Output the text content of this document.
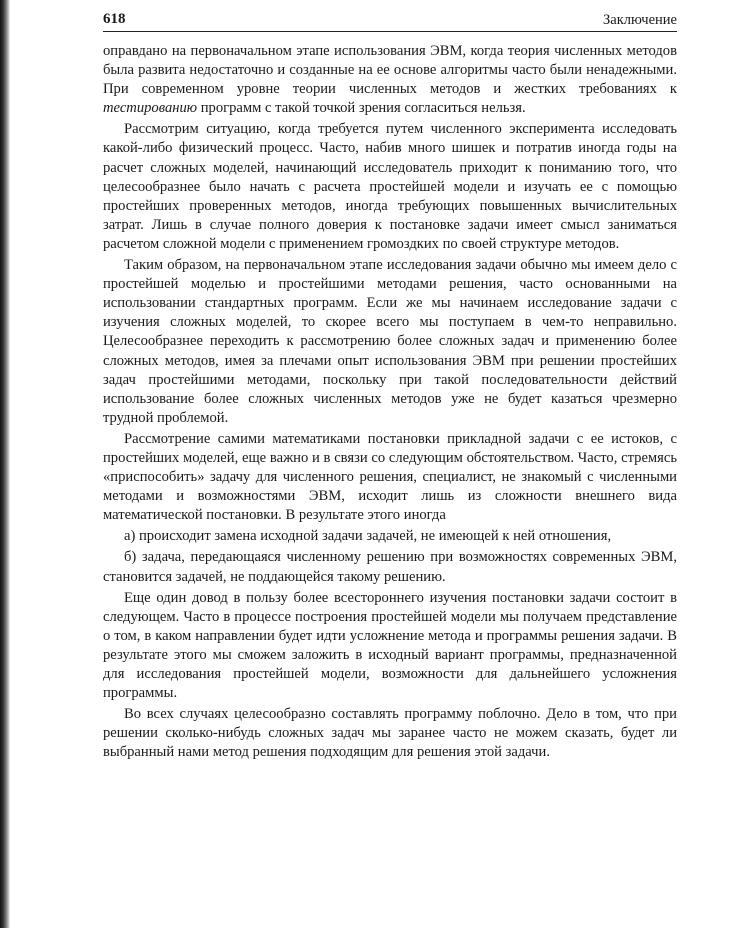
618	Заключение

оправдано на первоначальном этапе использования ЭВМ, когда теория численных методов была развита недостаточно и созданные на ее основе алгоритмы часто были ненадежными. При современном уровне теории численных методов и жестких требованиях к тестированию программ с такой точкой зрения согласиться нельзя.

Рассмотрим ситуацию, когда требуется путем численного эксперимента исследовать какой-либо физический процесс. Часто, набив много шишек и потратив иногда годы на расчет сложных моделей, начинающий исследователь приходит к пониманию того, что целесообразнее было начать с расчета простейшей модели и изучать ее с помощью простейших проверенных методов, иногда требующих повышенных вычислительных затрат. Лишь в случае полного доверия к постановке задачи имеет смысл заниматься расчетом сложной модели с применением громоздких по своей структуре методов.

Таким образом, на первоначальном этапе исследования задачи обычно мы имеем дело с простейшей моделью и простейшими методами решения, часто основанными на использовании стандартных программ. Если же мы начинаем исследование задачи с изучения сложных моделей, то скорее всего мы поступаем в чем-то неправильно. Целесообразнее переходить к рассмотрению более сложных задач и применению более сложных методов, имея за плечами опыт использования ЭВМ при решении простейших задач простейшими методами, поскольку при такой последовательности действий использование более сложных численных методов уже не будет казаться чрезмерно трудной проблемой.

Рассмотрение самими математиками постановки прикладной задачи с ее истоков, с простейших моделей, еще важно и в связи со следующим обстоятельством. Часто, стремясь «приспособить» задачу для численного решения, специалист, не знакомый с численными методами и возможностями ЭВМ, исходит лишь из сложности внешнего вида математической постановки. В результате этого иногда

а) происходит замена исходной задачи задачей, не имеющей к ней отношения,

б) задача, передающаяся численному решению при возможностях современных ЭВМ, становится задачей, не поддающейся такому решению.

Еще один довод в пользу более всестороннего изучения постановки задачи состоит в следующем. Часто в процессе построения простейшей модели мы получаем представление о том, в каком направлении будет идти усложнение метода и программы решения задачи. В результате этого мы сможем заложить в исходный вариант программы, предназначенной для исследования простейшей модели, возможности для дальнейшего усложнения программы.

Во всех случаях целесообразно составлять программу поблочно. Дело в том, что при решении сколько-нибудь сложных задач мы заранее часто не можем сказать, будет ли выбранный нами метод решения подходящим для решения этой задачи.
